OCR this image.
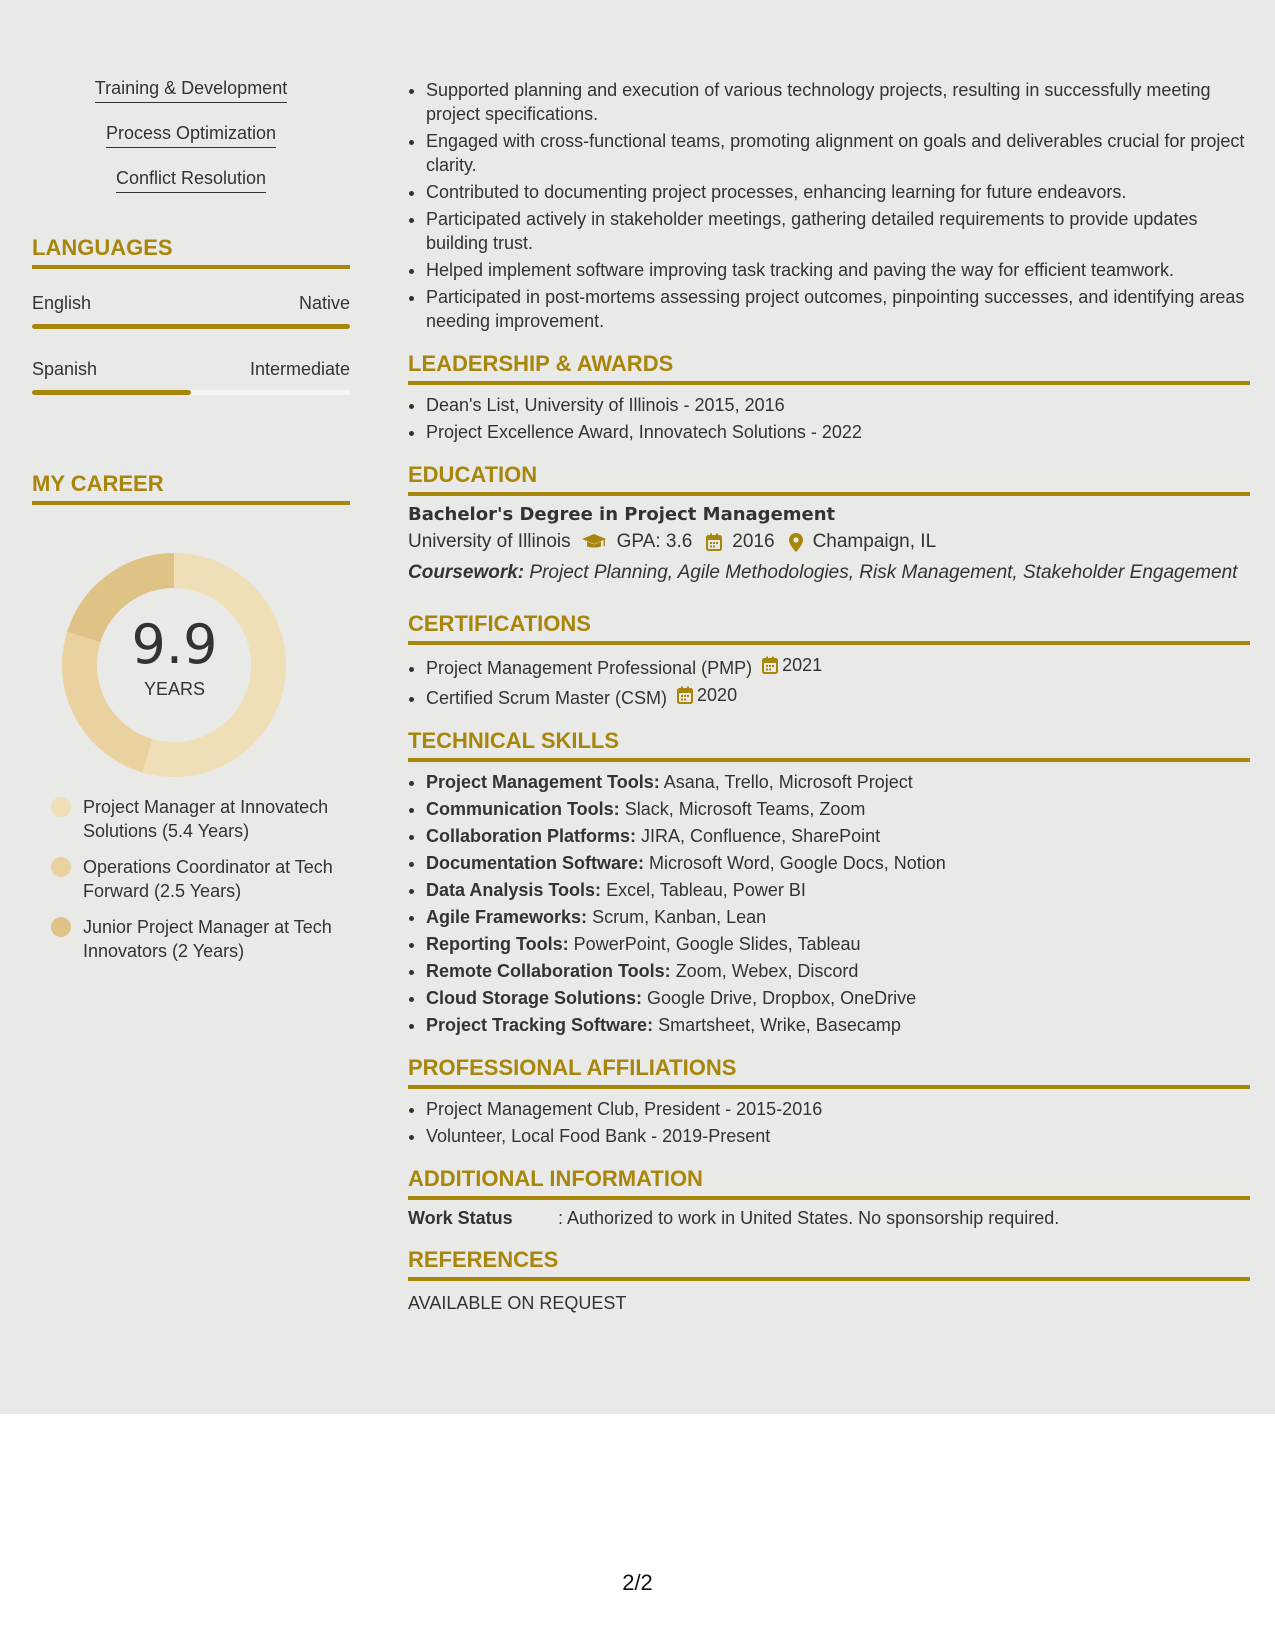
Training & Development
Process Optimization
Conflict Resolution
LANGUAGES
English	Native
Spanish	Intermediate
MY CAREER
9.9
YEARS
Project Manager at Innovatech Solutions (5.4 Years)
Operations Coordinator at Tech Forward (2.5 Years)
Junior Project Manager at Tech Innovators (2 Years)
• Supported planning and execution of various technology projects, resulting in successfully meeting project specifications.
• Engaged with cross-functional teams, promoting alignment on goals and deliverables crucial for project clarity.
• Contributed to documenting project processes, enhancing learning for future endeavors.
• Participated actively in stakeholder meetings, gathering detailed requirements to provide updates building trust.
• Helped implement software improving task tracking and paving the way for efficient teamwork.
• Participated in post-mortems assessing project outcomes, pinpointing successes, and identifying areas needing improvement.
LEADERSHIP & AWARDS
• Dean's List, University of Illinois - 2015, 2016
• Project Excellence Award, Innovatech Solutions - 2022
EDUCATION
Bachelor's Degree in Project Management
University of Illinois GPA: 3.6 2016 Champaign, IL
Coursework: Project Planning, Agile Methodologies, Risk Management, Stakeholder Engagement
CERTIFICATIONS
• Project Management Professional (PMP) 2021
• Certified Scrum Master (CSM) 2020
TECHNICAL SKILLS
• Project Management Tools: Asana, Trello, Microsoft Project
• Communication Tools: Slack, Microsoft Teams, Zoom
• Collaboration Platforms: JIRA, Confluence, SharePoint
• Documentation Software: Microsoft Word, Google Docs, Notion
• Data Analysis Tools: Excel, Tableau, Power BI
• Agile Frameworks: Scrum, Kanban, Lean
• Reporting Tools: PowerPoint, Google Slides, Tableau
• Remote Collaboration Tools: Zoom, Webex, Discord
• Cloud Storage Solutions: Google Drive, Dropbox, OneDrive
• Project Tracking Software: Smartsheet, Wrike, Basecamp
PROFESSIONAL AFFILIATIONS
• Project Management Club, President - 2015-2016
• Volunteer, Local Food Bank - 2019-Present
ADDITIONAL INFORMATION
Work Status	: Authorized to work in United States. No sponsorship required.
REFERENCES
AVAILABLE ON REQUEST
2/2
